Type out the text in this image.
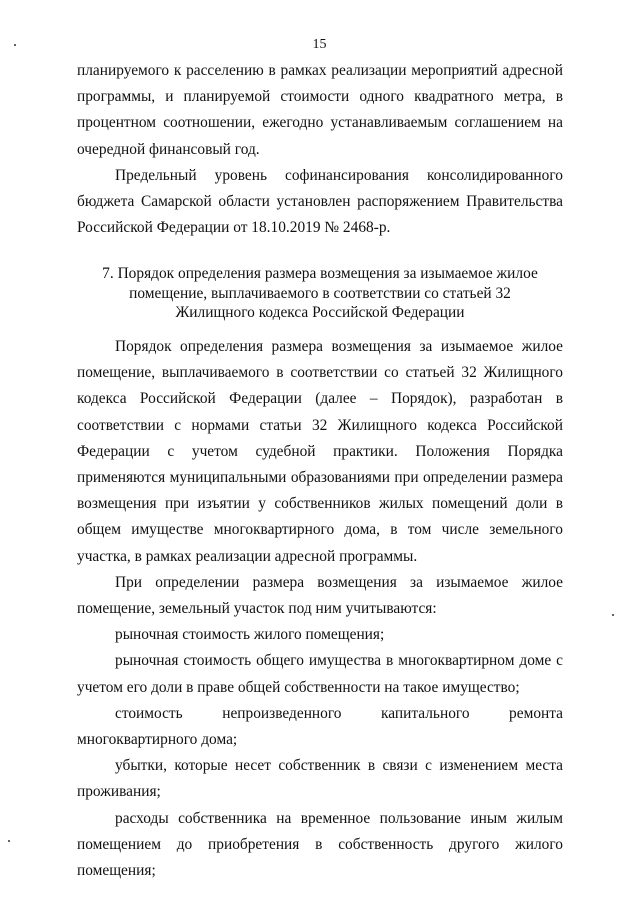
15

планируемого к расселению в рамках реализации мероприятий адресной программы, и планируемой стоимости одного квадратного метра, в процентном соотношении, ежегодно устанавливаемым соглашением на очередной финансовый год.

Предельный уровень софинансирования консолидированного бюджета Самарской области установлен распоряжением Правительства Российской Федерации от 18.10.2019 № 2468-р.

7. Порядок определения размера возмещения за изымаемое жилое
помещение, выплачиваемого в соответствии со статьей 32
Жилищного кодекса Российской Федерации

Порядок определения размера возмещения за изымаемое жилое помещение, выплачиваемого в соответствии со статьей 32 Жилищного кодекса Российской Федерации (далее – Порядок), разработан в соответствии с нормами статьи 32 Жилищного кодекса Российской Федерации с учетом судебной практики. Положения Порядка применяются муниципальными образованиями при определении размера возмещения при изъятии у собственников жилых помещений доли в общем имуществе многоквартирного дома, в том числе земельного участка, в рамках реализации адресной программы.

При определении размера возмещения за изымаемое жилое помещение, земельный участок под ним учитываются:

рыночная стоимость жилого помещения;

рыночная стоимость общего имущества в многоквартирном доме с учетом его доли в праве общей собственности на такое имущество;

стоимость непроизведенного капитального ремонта многоквартирного дома;

убытки, которые несет собственник в связи с изменением места проживания;

расходы собственника на временное пользование иным жилым помещением до приобретения в собственность другого жилого помещения;
